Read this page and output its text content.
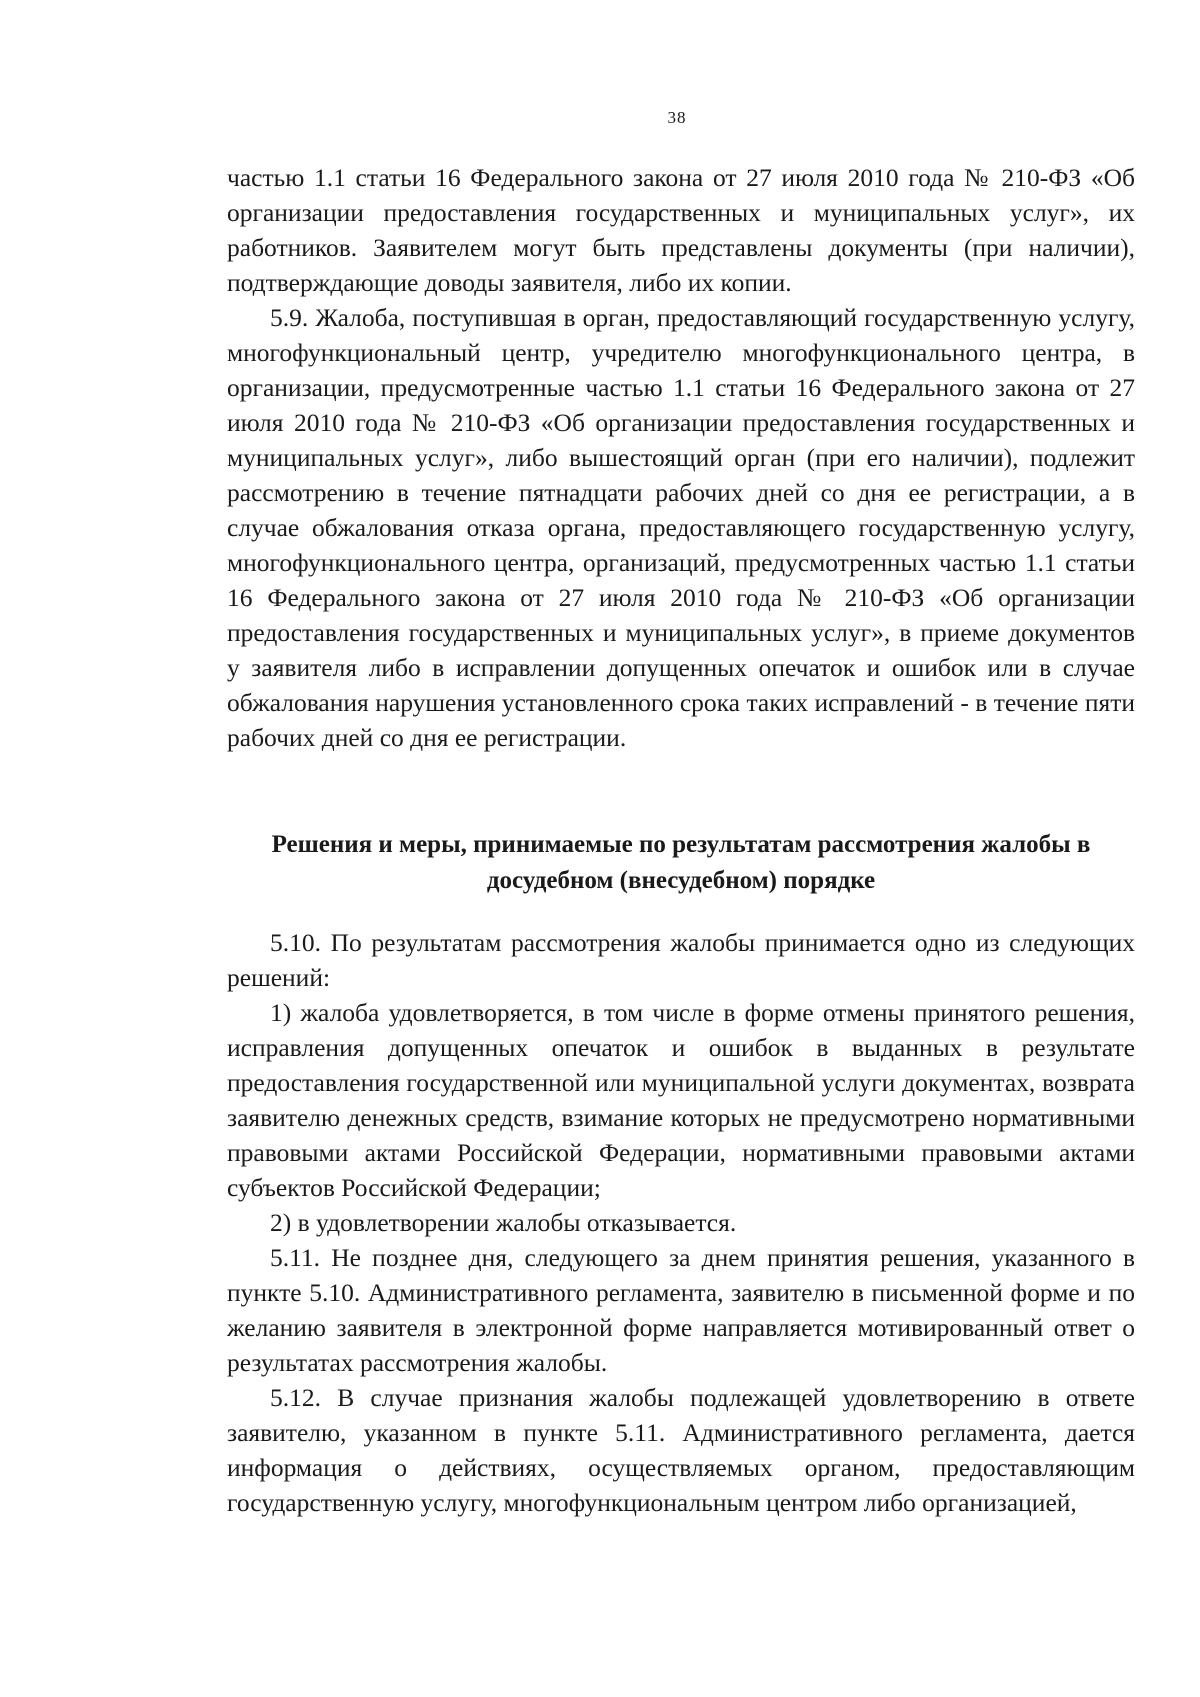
38

частью 1.1 статьи 16 Федерального закона от 27 июля 2010 года № 210-ФЗ «Об организации предоставления государственных и муниципальных услуг», их работников. Заявителем могут быть представлены документы (при наличии), подтверждающие доводы заявителя, либо их копии.

5.9. Жалоба, поступившая в орган, предоставляющий государственную услугу, многофункциональный центр, учредителю многофункционального центра, в организации, предусмотренные частью 1.1 статьи 16 Федерального закона от 27 июля 2010 года № 210-ФЗ «Об организации предоставления государственных и муниципальных услуг», либо вышестоящий орган (при его наличии), подлежит рассмотрению в течение пятнадцати рабочих дней со дня ее регистрации, а в случае обжалования отказа органа, предоставляющего государственную услугу, многофункционального центра, организаций, предусмотренных частью 1.1 статьи 16 Федерального закона от 27 июля 2010 года № 210-ФЗ «Об организации предоставления государственных и муниципальных услуг», в приеме документов у заявителя либо в исправлении допущенных опечаток и ошибок или в случае обжалования нарушения установленного срока таких исправлений - в течение пяти рабочих дней со дня ее регистрации.

Решения и меры, принимаемые по результатам рассмотрения жалобы в досудебном (внесудебном) порядке

5.10. По результатам рассмотрения жалобы принимается одно из следующих решений:

1) жалоба удовлетворяется, в том числе в форме отмены принятого решения, исправления допущенных опечаток и ошибок в выданных в результате предоставления государственной или муниципальной услуги документах, возврата заявителю денежных средств, взимание которых не предусмотрено нормативными правовыми актами Российской Федерации, нормативными правовыми актами субъектов Российской Федерации;

2) в удовлетворении жалобы отказывается.

5.11. Не позднее дня, следующего за днем принятия решения, указанного в пункте 5.10. Административного регламента, заявителю в письменной форме и по желанию заявителя в электронной форме направляется мотивированный ответ о результатах рассмотрения жалобы.

5.12. В случае признания жалобы подлежащей удовлетворению в ответе заявителю, указанном в пункте 5.11. Административного регламента, дается информация о действиях, осуществляемых органом, предоставляющим государственную услугу, многофункциональным центром либо организацией,
